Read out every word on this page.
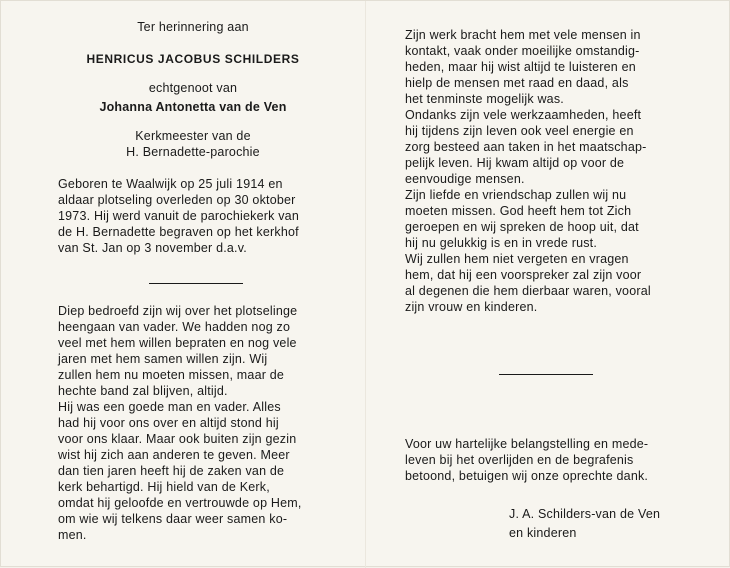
Ter herinnering aan
HENRICUS JACOBUS SCHILDERS
echtgenoot van
Johanna Antonetta van de Ven
Kerkmeester van de
H. Bernadette-parochie
Geboren te Waalwijk op 25 juli 1914 en
aldaar plotseling overleden op 30 oktober
1973. Hij werd vanuit de parochiekerk van
de H. Bernadette begraven op het kerkhof
van St. Jan op 3 november d.a.v.
Diep bedroefd zijn wij over het plotselinge
heengaan van vader. We hadden nog zo
veel met hem willen bepraten en nog vele
jaren met hem samen willen zijn. Wij
zullen hem nu moeten missen, maar de
hechte band zal blijven, altijd.
Hij was een goede man en vader. Alles
had hij voor ons over en altijd stond hij
voor ons klaar. Maar ook buiten zijn gezin
wist hij zich aan anderen te geven. Meer
dan tien jaren heeft hij de zaken van de
kerk behartigd. Hij hield van de Kerk,
omdat hij geloofde en vertrouwde op Hem,
om wie wij telkens daar weer samen ko-
men.
Zijn werk bracht hem met vele mensen in
kontakt, vaak onder moeilijke omstandig-
heden, maar hij wist altijd te luisteren en
hielp de mensen met raad en daad, als
het tenminste mogelijk was.
Ondanks zijn vele werkzaamheden, heeft
hij tijdens zijn leven ook veel energie en
zorg besteed aan taken in het maatschap-
pelijk leven. Hij kwam altijd op voor de
eenvoudige mensen.
Zijn liefde en vriendschap zullen wij nu
moeten missen. God heeft hem tot Zich
geroepen en wij spreken de hoop uit, dat
hij nu gelukkig is en in vrede rust.
Wij zullen hem niet vergeten en vragen
hem, dat hij een voorspreker zal zijn voor
al degenen die hem dierbaar waren, vooral
zijn vrouw en kinderen.
Voor uw hartelijke belangstelling en mede-
leven bij het overlijden en de begrafenis
betoond, betuigen wij onze oprechte dank.
J. A. Schilders-van de Ven
en kinderen
